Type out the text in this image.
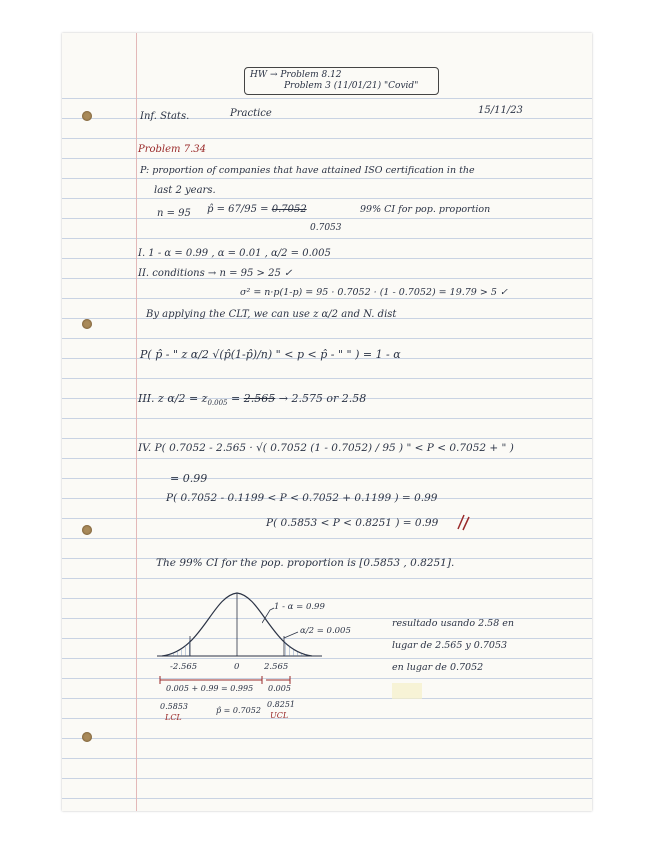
HW → Problem 8.12
Problem 3 (11/01/21) "Covid"
Inf. Stats.	Practice	15/11/23
Problem 7.34
P: proportion of companies that have attained ISO certification in the
last 2 years.
n = 95 p̂ = 67/95 = 0.7052	99% CI for pop. proportion
0.7053
I. 1 - α = 0.99 , α = 0.01 , α/2 = 0.005
II. conditions → n = 95 > 25 ✓
σ² = n·p(1-p) = 95 · 0.7052 · (1 - 0.7052) = 19.79 > 5 ✓
By applying the CLT, we can use z α/2 and N. dist
P( p̂ - " z α/2 √(p̂(1-p̂)/n) " < p < p̂ - " " ) = 1 - α
III. z $\alpha/2 = z_{0.005} = 2.565 \to 2.575$ or 2.58
IV. P( 0.7052 - 2.565 · √( 0.7052 (1 - 0.7052) / 95 ) " < P < 0.7052 + " )
= 0.99
P( 0.7052 - 0.1199 < P < 0.7052 + 0.1199 ) = 0.99
P( 0.5853 < P < 0.8251 ) = 0.99
The 99% CI for the pop. proportion is [0.5853 , 0.8251].
1 - α = 0.99
α/2 = 0.005
-2.565	0	2.565
0.005 + 0.99 = 0.995 0.005
0.5853	p̂ = 0.7052
0.8251
LCL	UCL
resultado usando 2.58 en
lugar de 2.565 y 0.7053
en lugar de 0.7052
